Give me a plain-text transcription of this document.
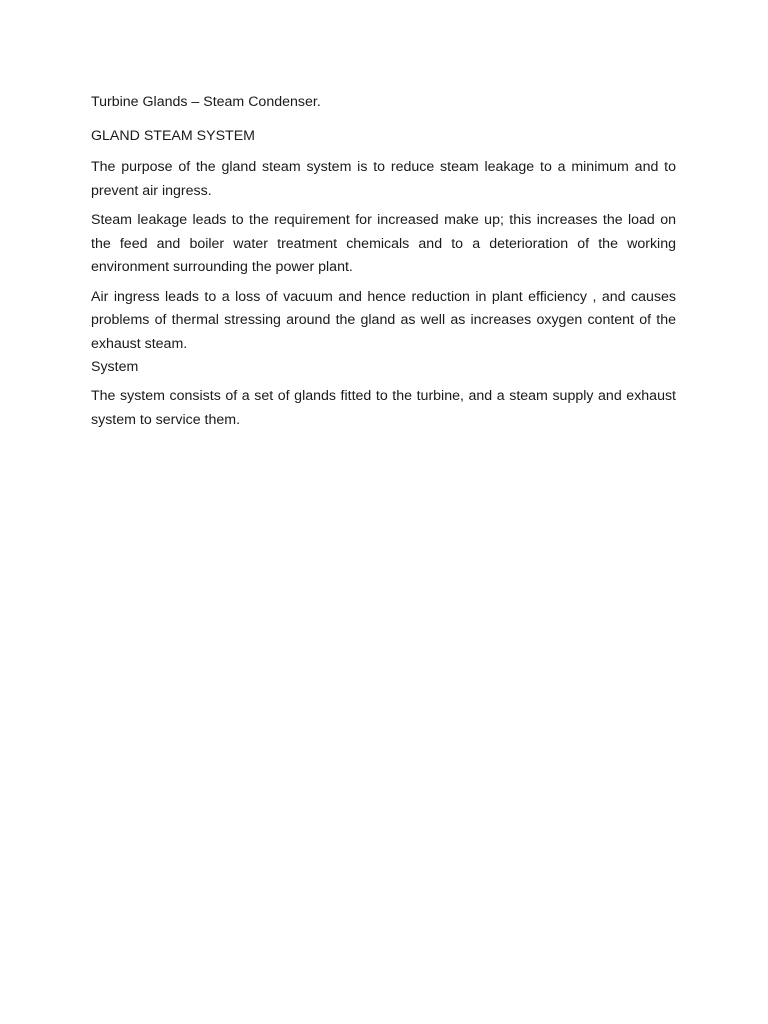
Turbine Glands – Steam Condenser.

GLAND STEAM SYSTEM

The purpose of the gland steam system is to reduce steam leakage to a minimum and to prevent air ingress.

Steam leakage leads to the requirement for increased make up; this increases the load on the feed and boiler water treatment chemicals and to a deterioration of the working environment surrounding the power plant.

Air ingress leads to a loss of vacuum and hence reduction in plant efficiency , and causes problems of thermal stressing around the gland as well as increases oxygen content of the exhaust steam.

System

The system consists of a set of glands fitted to the turbine, and a steam supply and exhaust system to service them.
